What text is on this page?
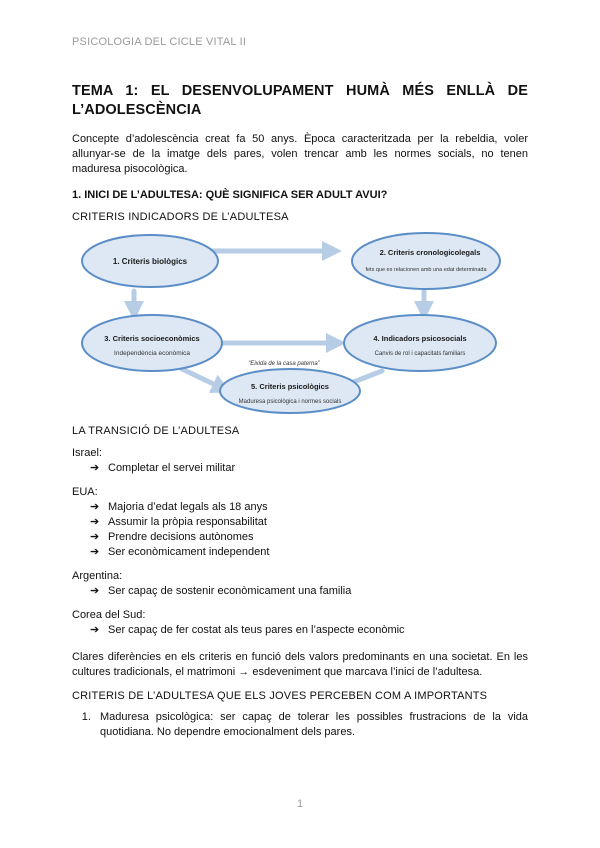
PSICOLOGIA DEL CICLE VITAL II
TEMA 1: EL DESENVOLUPAMENT HUMÀ MÉS ENLLÀ DE L’ADOLESCÈNCIA

Concepte d’adolescència creat fa 50 anys. Època caracteritzada per la rebeldia, voler allunyar-se de la imatge dels pares, volen trencar amb les normes socials, no tenen maduresa pisocològica.

1. INICI DE L’ADULTESA: QUÈ SIGNIFICA SER ADULT AVUI?

CRITERIS INDICADORS DE L’ADULTESA

1. Criteris biològics
2. Criteris cronologicolegals
fets que es relacionen amb una edat determinada
3. Criteris socioeconòmics
Independència econòmica
4. Indicadors psicosocials
Canvis de rol i capacitats familiars
5. Criteris psicològics
Maduresa psicològica i normes socials
“Eixida de la casa paterna”

LA TRANSICIÓ DE L’ADULTESA

Israel:

➔ Completar el servei militar

EUA:

➔ Majoria d’edat legals als 18 anys
➔ Assumir la pròpia responsabilitat
➔ Prendre decisions autònomes
➔ Ser econòmicament independent

Argentina:

➔ Ser capaç de sostenir econòmicament una familia

Corea del Sud:

➔ Ser capaç de fer costat als teus pares en l’aspecte econòmic

Clares diferències en els criteris en funció dels valors predominants en una societat. En les cultures tradicionals, el matrimoni → esdeveniment que marcava l’inici de l’adultesa.

CRITERIS DE L’ADULTESA QUE ELS JOVES PERCEBEN COM A IMPORTANTS

1. Maduresa psicològica: ser capaç de tolerar les possibles frustracions de la vida quotidiana. No dependre emocionalment dels pares.
1
